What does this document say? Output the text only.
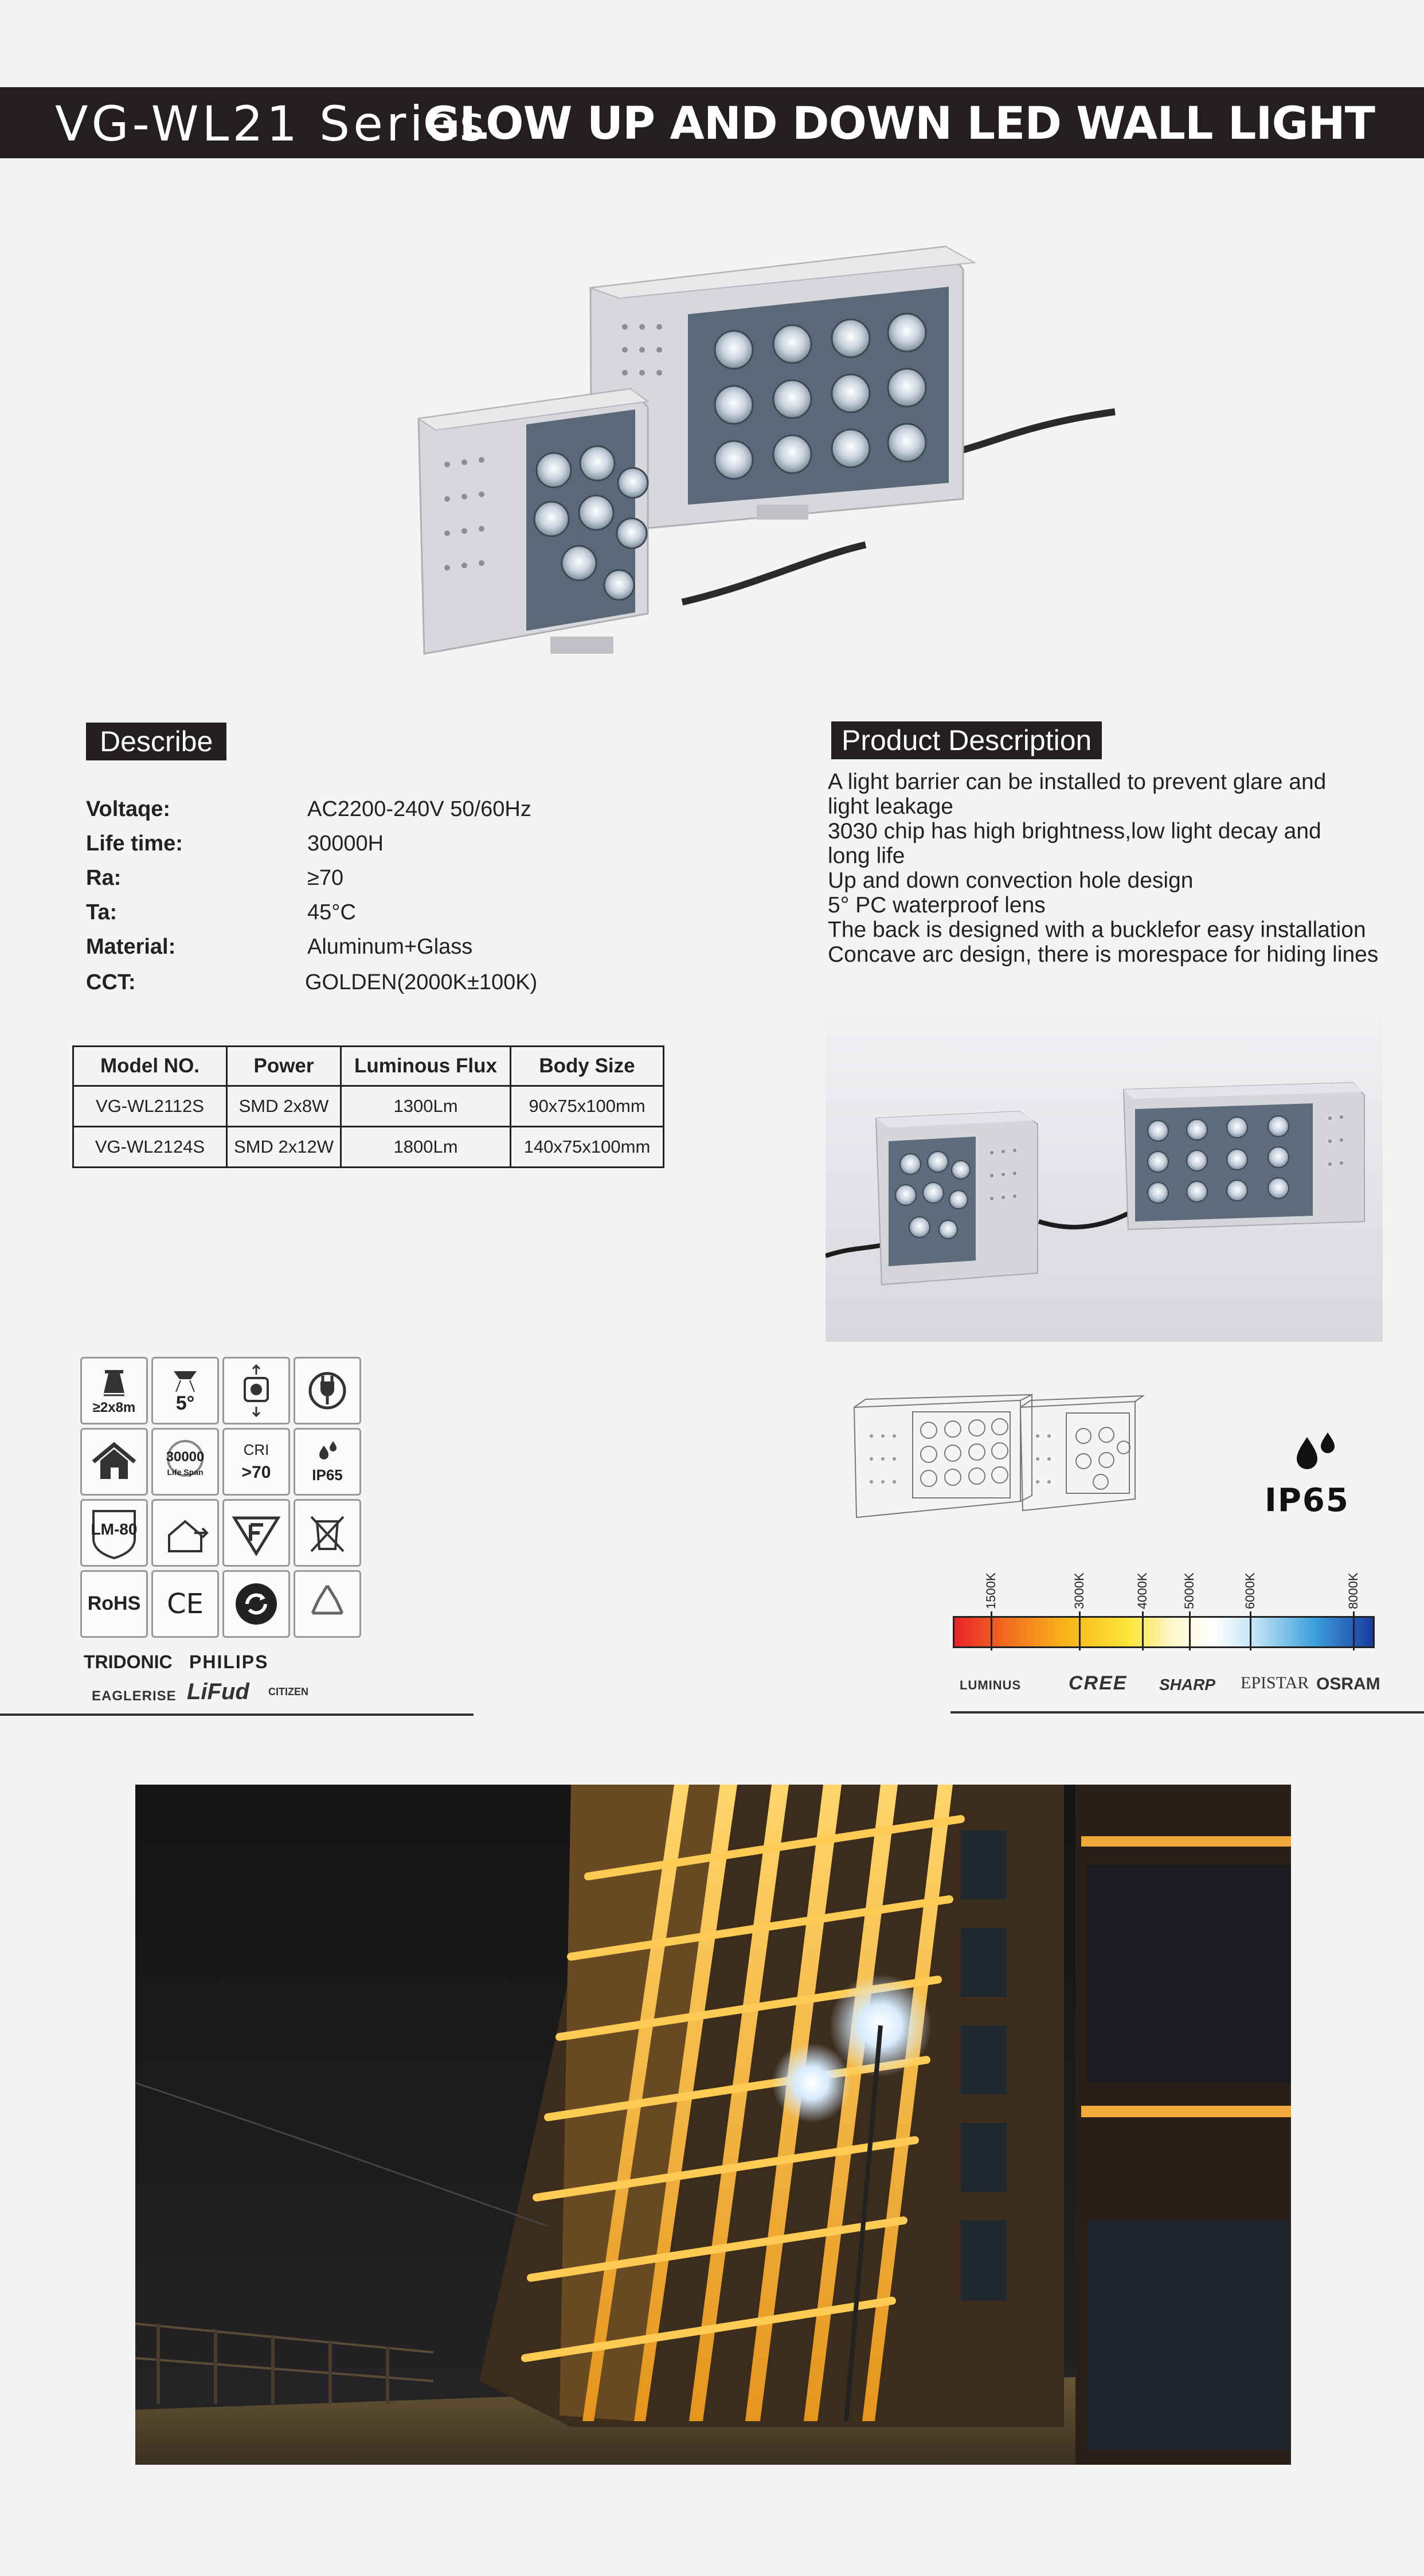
VG-WL21 Series
GLOW UP AND DOWN LED WALL LIGHT
Describe
Voltaqe:	AC2200-240V 50/60Hz
Life time:	30000H
Ra:	≥70
Ta:	45°C
Material:	Aluminum+Glass
CCT:	GOLDEN(2000K±100K)
Model NO.	Power	Luminous Flux	Body Size
VG-WL2112S	SMD 2x8W	1300Lm	90x75x100mm
VG-WL2124S	SMD 2x12W	1800Lm	140x75x100mm
Product Description
A light barrier can be installed to prevent glare and
light leakage
3030 chip has high brightness,low light decay and
long life
Up and down convection hole design
5° PC waterproof lens
The back is designed with a bucklefor easy installation
Concave arc design, there is morespace for hiding lines
≥2x8m	5°
30000
Life Span
CRI
>70	IP65
LM-80
RoHS CE
TRIDONIC PHILIPS
EAGLERISE LiFud CITIZEN
IP65
1500K	3000K	4000K	5000K	6000K	8000K
LUMINUS CREE SHARP EPISTAR OSRAM
